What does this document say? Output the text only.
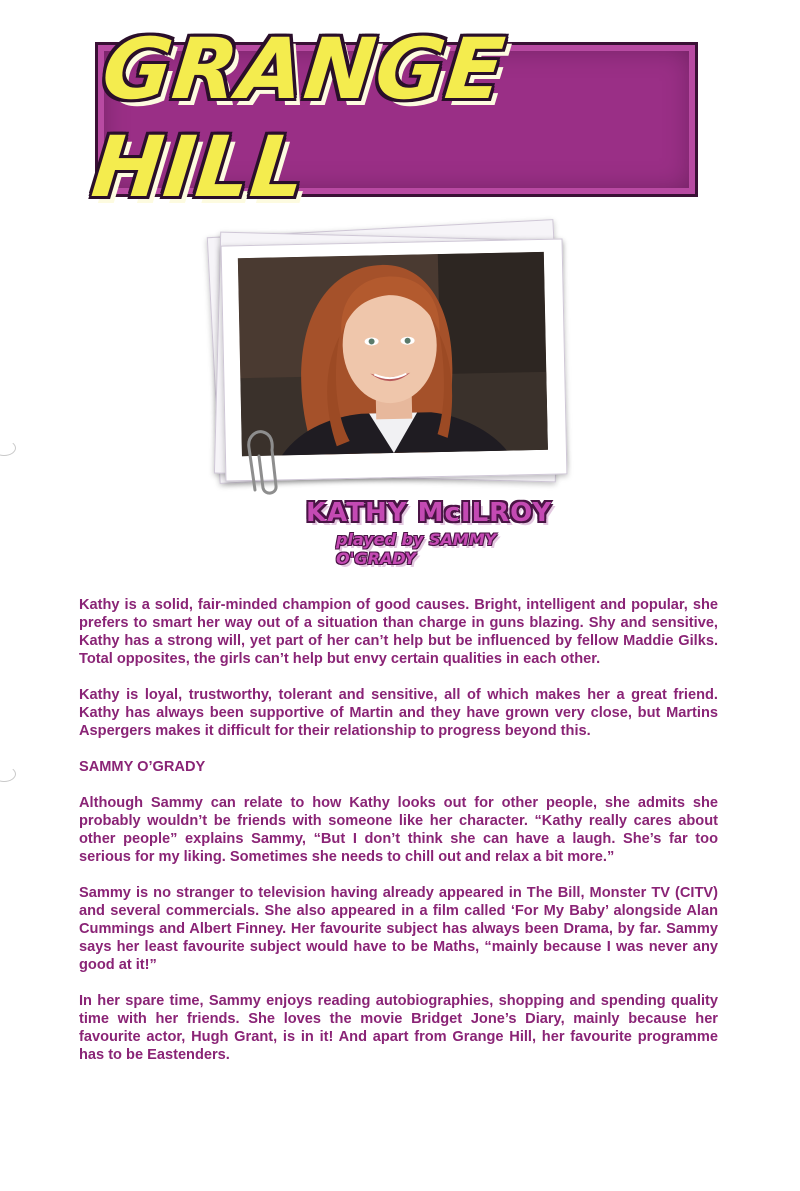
GRANGE HILL
KATHY McILROY
played by SAMMY O'GRADY

Kathy is a solid, fair-minded champion of good causes. Bright, intelligent and popular, she prefers to smart her way out of a situation than charge in guns blazing. Shy and sensitive, Kathy has a strong will, yet part of her can’t help but be influenced by fellow Maddie Gilks. Total opposites, the girls can’t help but envy certain qualities in each other.

Kathy is loyal, trustworthy, tolerant and sensitive, all of which makes her a great friend. Kathy has always been supportive of Martin and they have grown very close, but Martins Aspergers makes it difficult for their relationship to progress beyond this.

SAMMY O’GRADY

Although Sammy can relate to how Kathy looks out for other people, she admits she probably wouldn’t be friends with someone like her character. “Kathy really cares about other people” explains Sammy, “But I don’t think she can have a laugh. She’s far too serious for my liking. Sometimes she needs to chill out and relax a bit more.”

Sammy is no stranger to television having already appeared in The Bill, Monster TV (CITV) and several commercials. She also appeared in a film called ‘For My Baby’ alongside Alan Cummings and Albert Finney. Her favourite subject has always been Drama, by far. Sammy says her least favourite subject would have to be Maths, “mainly because I was never any good at it!”

In her spare time, Sammy enjoys reading autobiographies, shopping and spending quality time with her friends. She loves the movie Bridget Jone’s Diary, mainly because her favourite actor, Hugh Grant, is in it! And apart from Grange Hill, her favourite programme has to be Eastenders.
